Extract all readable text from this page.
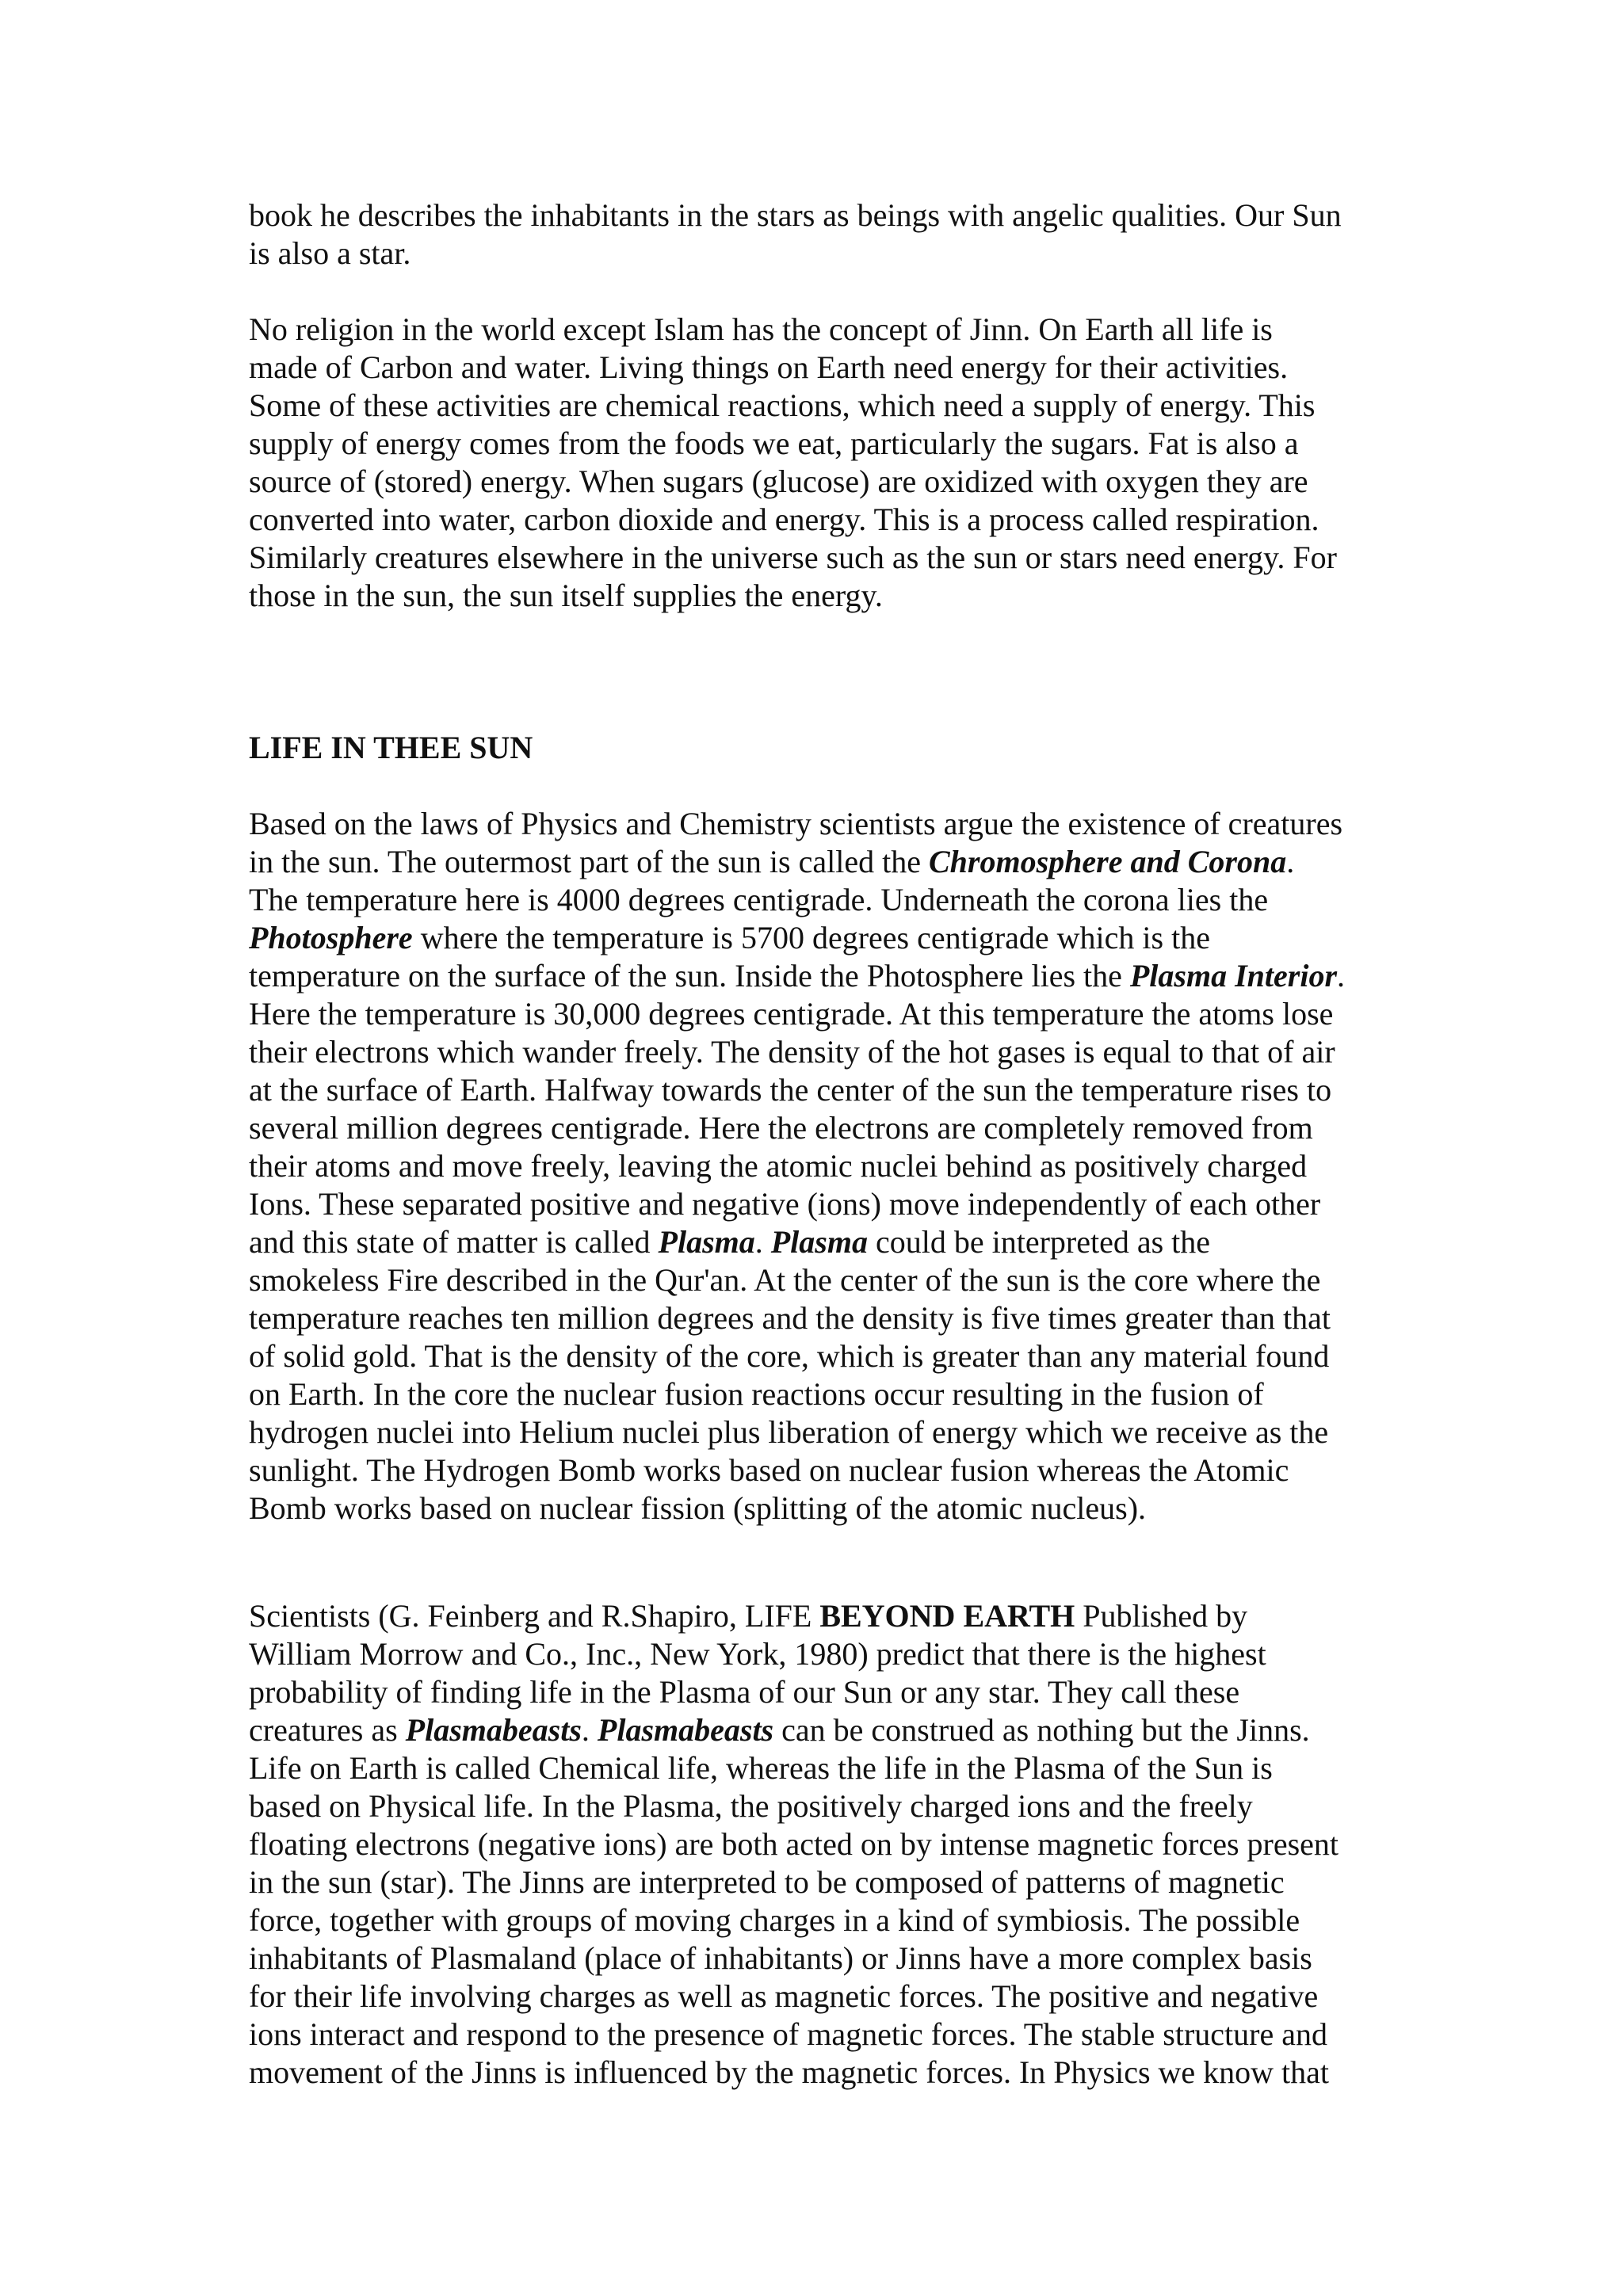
book he describes the inhabitants in the stars as beings with angelic qualities. Our Sun
is also a star.
No religion in the world except Islam has the concept of Jinn. On Earth all life is
made of Carbon and water. Living things on Earth need energy for their activities.
Some of these activities are chemical reactions, which need a supply of energy. This
supply of energy comes from the foods we eat, particularly the sugars. Fat is also a
source of (stored) energy. When sugars (glucose) are oxidized with oxygen they are
converted into water, carbon dioxide and energy. This is a process called respiration.
Similarly creatures elsewhere in the universe such as the sun or stars need energy. For
those in the sun, the sun itself supplies the energy.
LIFE IN THEE SUN
Based on the laws of Physics and Chemistry scientists argue the existence of creatures
in the sun. The outermost part of the sun is called the Chromosphere and Corona.
The temperature here is 4000 degrees centigrade. Underneath the corona lies the
Photosphere where the temperature is 5700 degrees centigrade which is the
temperature on the surface of the sun. Inside the Photosphere lies the Plasma Interior.
Here the temperature is 30,000 degrees centigrade. At this temperature the atoms lose
their electrons which wander freely. The density of the hot gases is equal to that of air
at the surface of Earth. Halfway towards the center of the sun the temperature rises to
several million degrees centigrade. Here the electrons are completely removed from
their atoms and move freely, leaving the atomic nuclei behind as positively charged
Ions. These separated positive and negative (ions) move independently of each other
and this state of matter is called Plasma. Plasma could be interpreted as the
smokeless Fire described in the Qur'an. At the center of the sun is the core where the
temperature reaches ten million degrees and the density is five times greater than that
of solid gold. That is the density of the core, which is greater than any material found
on Earth. In the core the nuclear fusion reactions occur resulting in the fusion of
hydrogen nuclei into Helium nuclei plus liberation of energy which we receive as the
sunlight. The Hydrogen Bomb works based on nuclear fusion whereas the Atomic
Bomb works based on nuclear fission (splitting of the atomic nucleus).
Scientists (G. Feinberg and R.Shapiro, LIFE BEYOND EARTH Published by
William Morrow and Co., Inc., New York, 1980) predict that there is the highest
probability of finding life in the Plasma of our Sun or any star. They call these
creatures as Plasmabeasts. Plasmabeasts can be construed as nothing but the Jinns.
Life on Earth is called Chemical life, whereas the life in the Plasma of the Sun is
based on Physical life. In the Plasma, the positively charged ions and the freely
floating electrons (negative ions) are both acted on by intense magnetic forces present
in the sun (star). The Jinns are interpreted to be composed of patterns of magnetic
force, together with groups of moving charges in a kind of symbiosis. The possible
inhabitants of Plasmaland (place of inhabitants) or Jinns have a more complex basis
for their life involving charges as well as magnetic forces. The positive and negative
ions interact and respond to the presence of magnetic forces. The stable structure and
movement of the Jinns is influenced by the magnetic forces. In Physics we know that
